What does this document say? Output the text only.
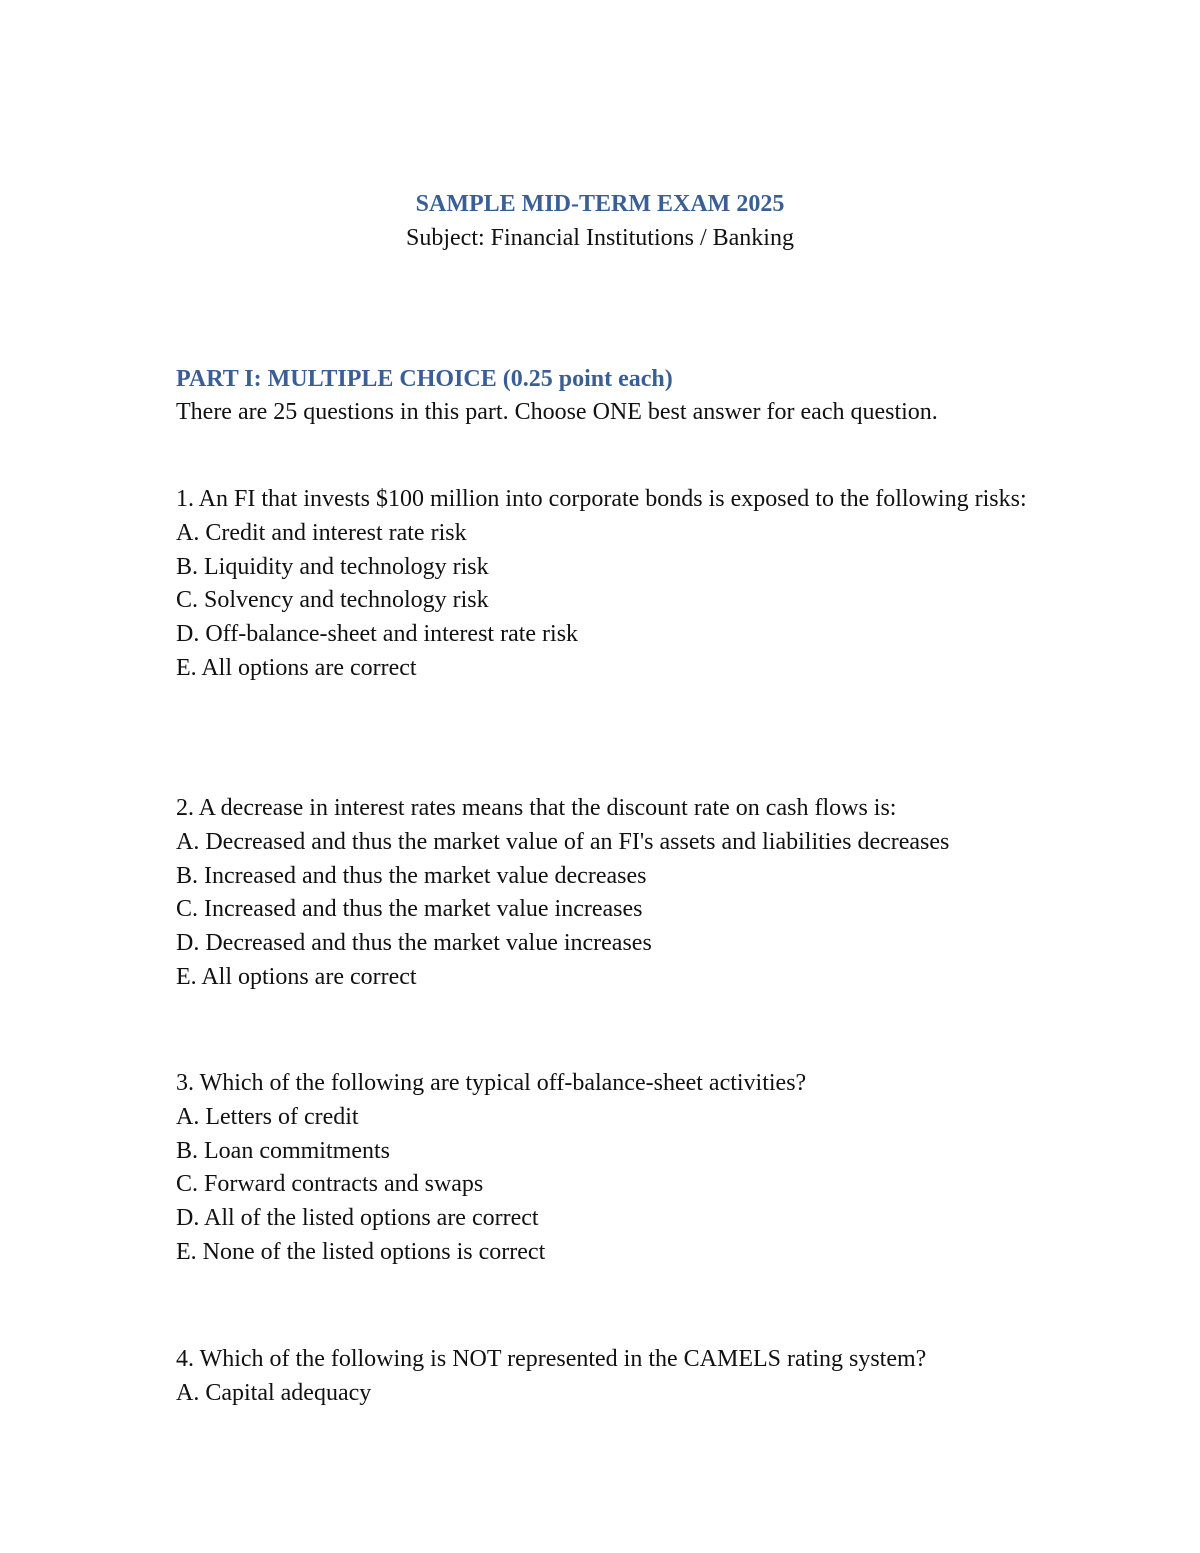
SAMPLE MID-TERM EXAM 2025
Subject: Financial Institutions / Banking
PART I: MULTIPLE CHOICE (0.25 point each)
There are 25 questions in this part. Choose ONE best answer for each question.
1. An FI that invests $100 million into corporate bonds is exposed to the following risks:
A. Credit and interest rate risk
B. Liquidity and technology risk
C. Solvency and technology risk
D. Off-balance-sheet and interest rate risk
E. All options are correct
2. A decrease in interest rates means that the discount rate on cash flows is:
A. Decreased and thus the market value of an FI's assets and liabilities decreases
B. Increased and thus the market value decreases
C. Increased and thus the market value increases
D. Decreased and thus the market value increases
E. All options are correct
3. Which of the following are typical off-balance-sheet activities?
A. Letters of credit
B. Loan commitments
C. Forward contracts and swaps
D. All of the listed options are correct
E. None of the listed options is correct
4. Which of the following is NOT represented in the CAMELS rating system?
A. Capital adequacy
